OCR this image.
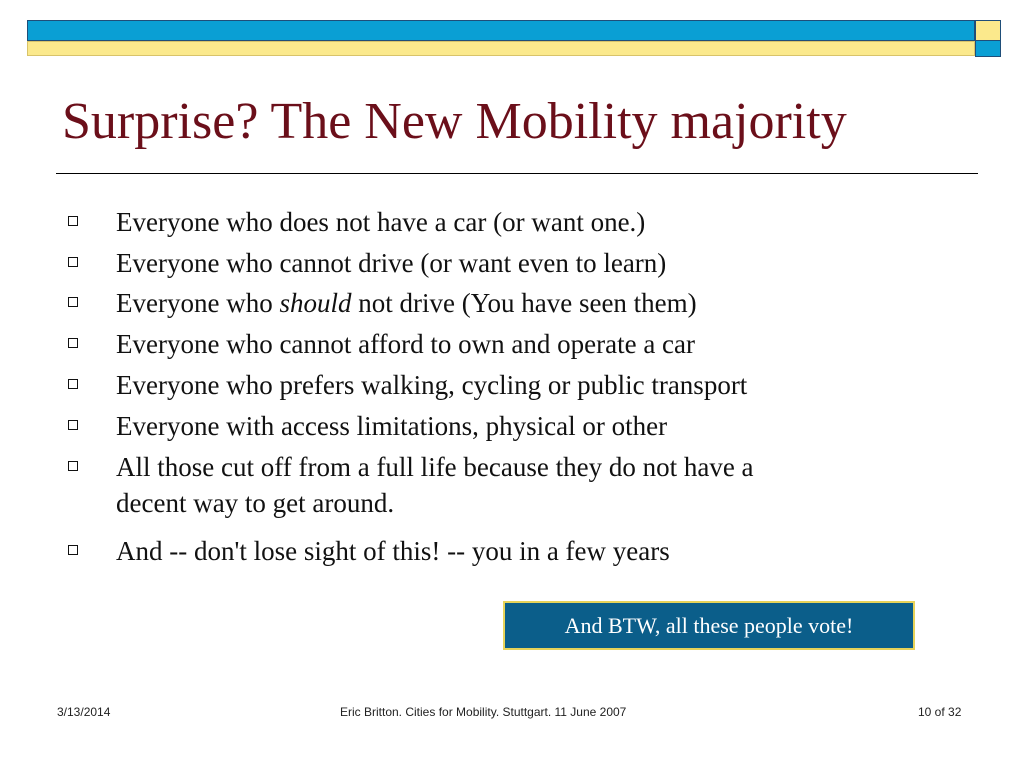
Surprise? The New Mobility majority
Everyone who does not have a car (or want one.)
Everyone who cannot drive (or want even to learn)
Everyone who should not drive (You have seen them)
Everyone who cannot afford to own and operate a car
Everyone who prefers walking, cycling or public transport
Everyone with access limitations, physical or other
All those cut off from a full life because they do not have a
decent way to get around.
And -- don't lose sight of this! -- you in a few years
And BTW, all these people vote!
3/13/2014	Eric Britton. Cities for Mobility. Stuttgart. 11 June 2007	10 of 32
